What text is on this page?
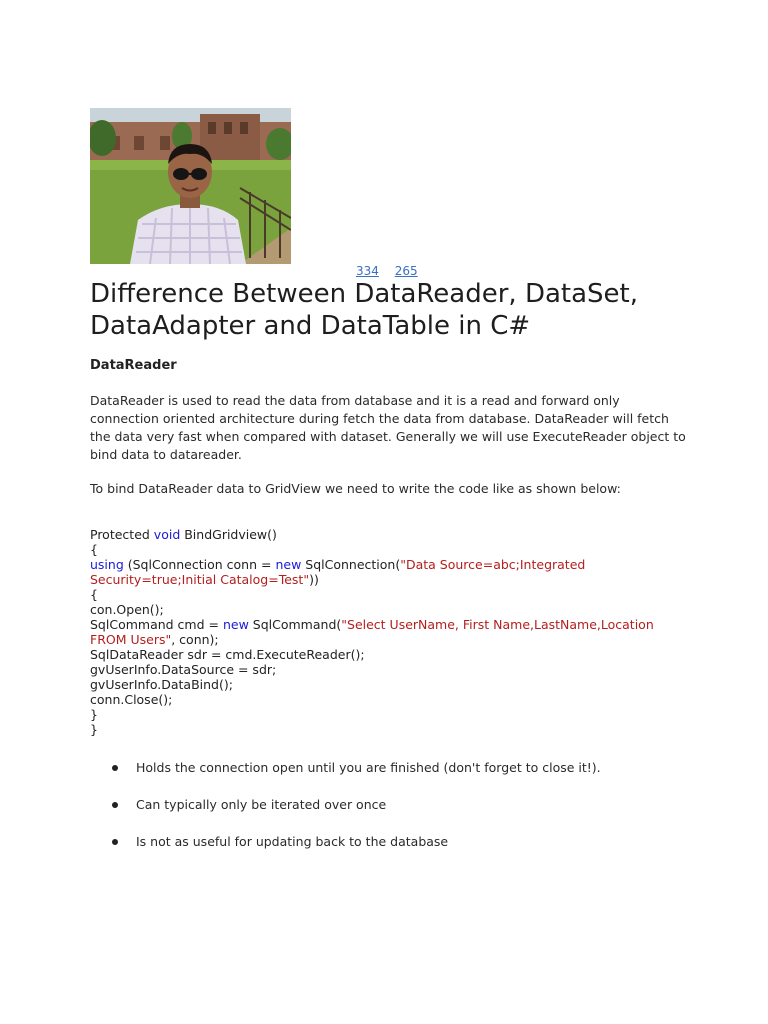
334 265
Difference Between DataReader, DataSet, DataAdapter and DataTable in C#
DataReader

DataReader is used to read the data from database and it is a read and forward only connection oriented architecture during fetch the data from database. DataReader will fetch the data very fast when compared with dataset. Generally we will use ExecuteReader object to bind data to datareader.

To bind DataReader data to GridView we need to write the code like as shown below:

Protected void BindGridview()
{
using (SqlConnection conn = new SqlConnection("Data Source=abc;Integrated Security=true;Initial Catalog=Test"))
{
con.Open();
SqlCommand cmd = new SqlCommand("Select UserName, First Name,LastName,Location FROM Users", conn);
SqlDataReader sdr = cmd.ExecuteReader();
gvUserInfo.DataSource = sdr;
gvUserInfo.DataBind();
conn.Close();
}
}
Holds the connection open until you are finished (don't forget to close it!).
Can typically only be iterated over once
Is not as useful for updating back to the database
